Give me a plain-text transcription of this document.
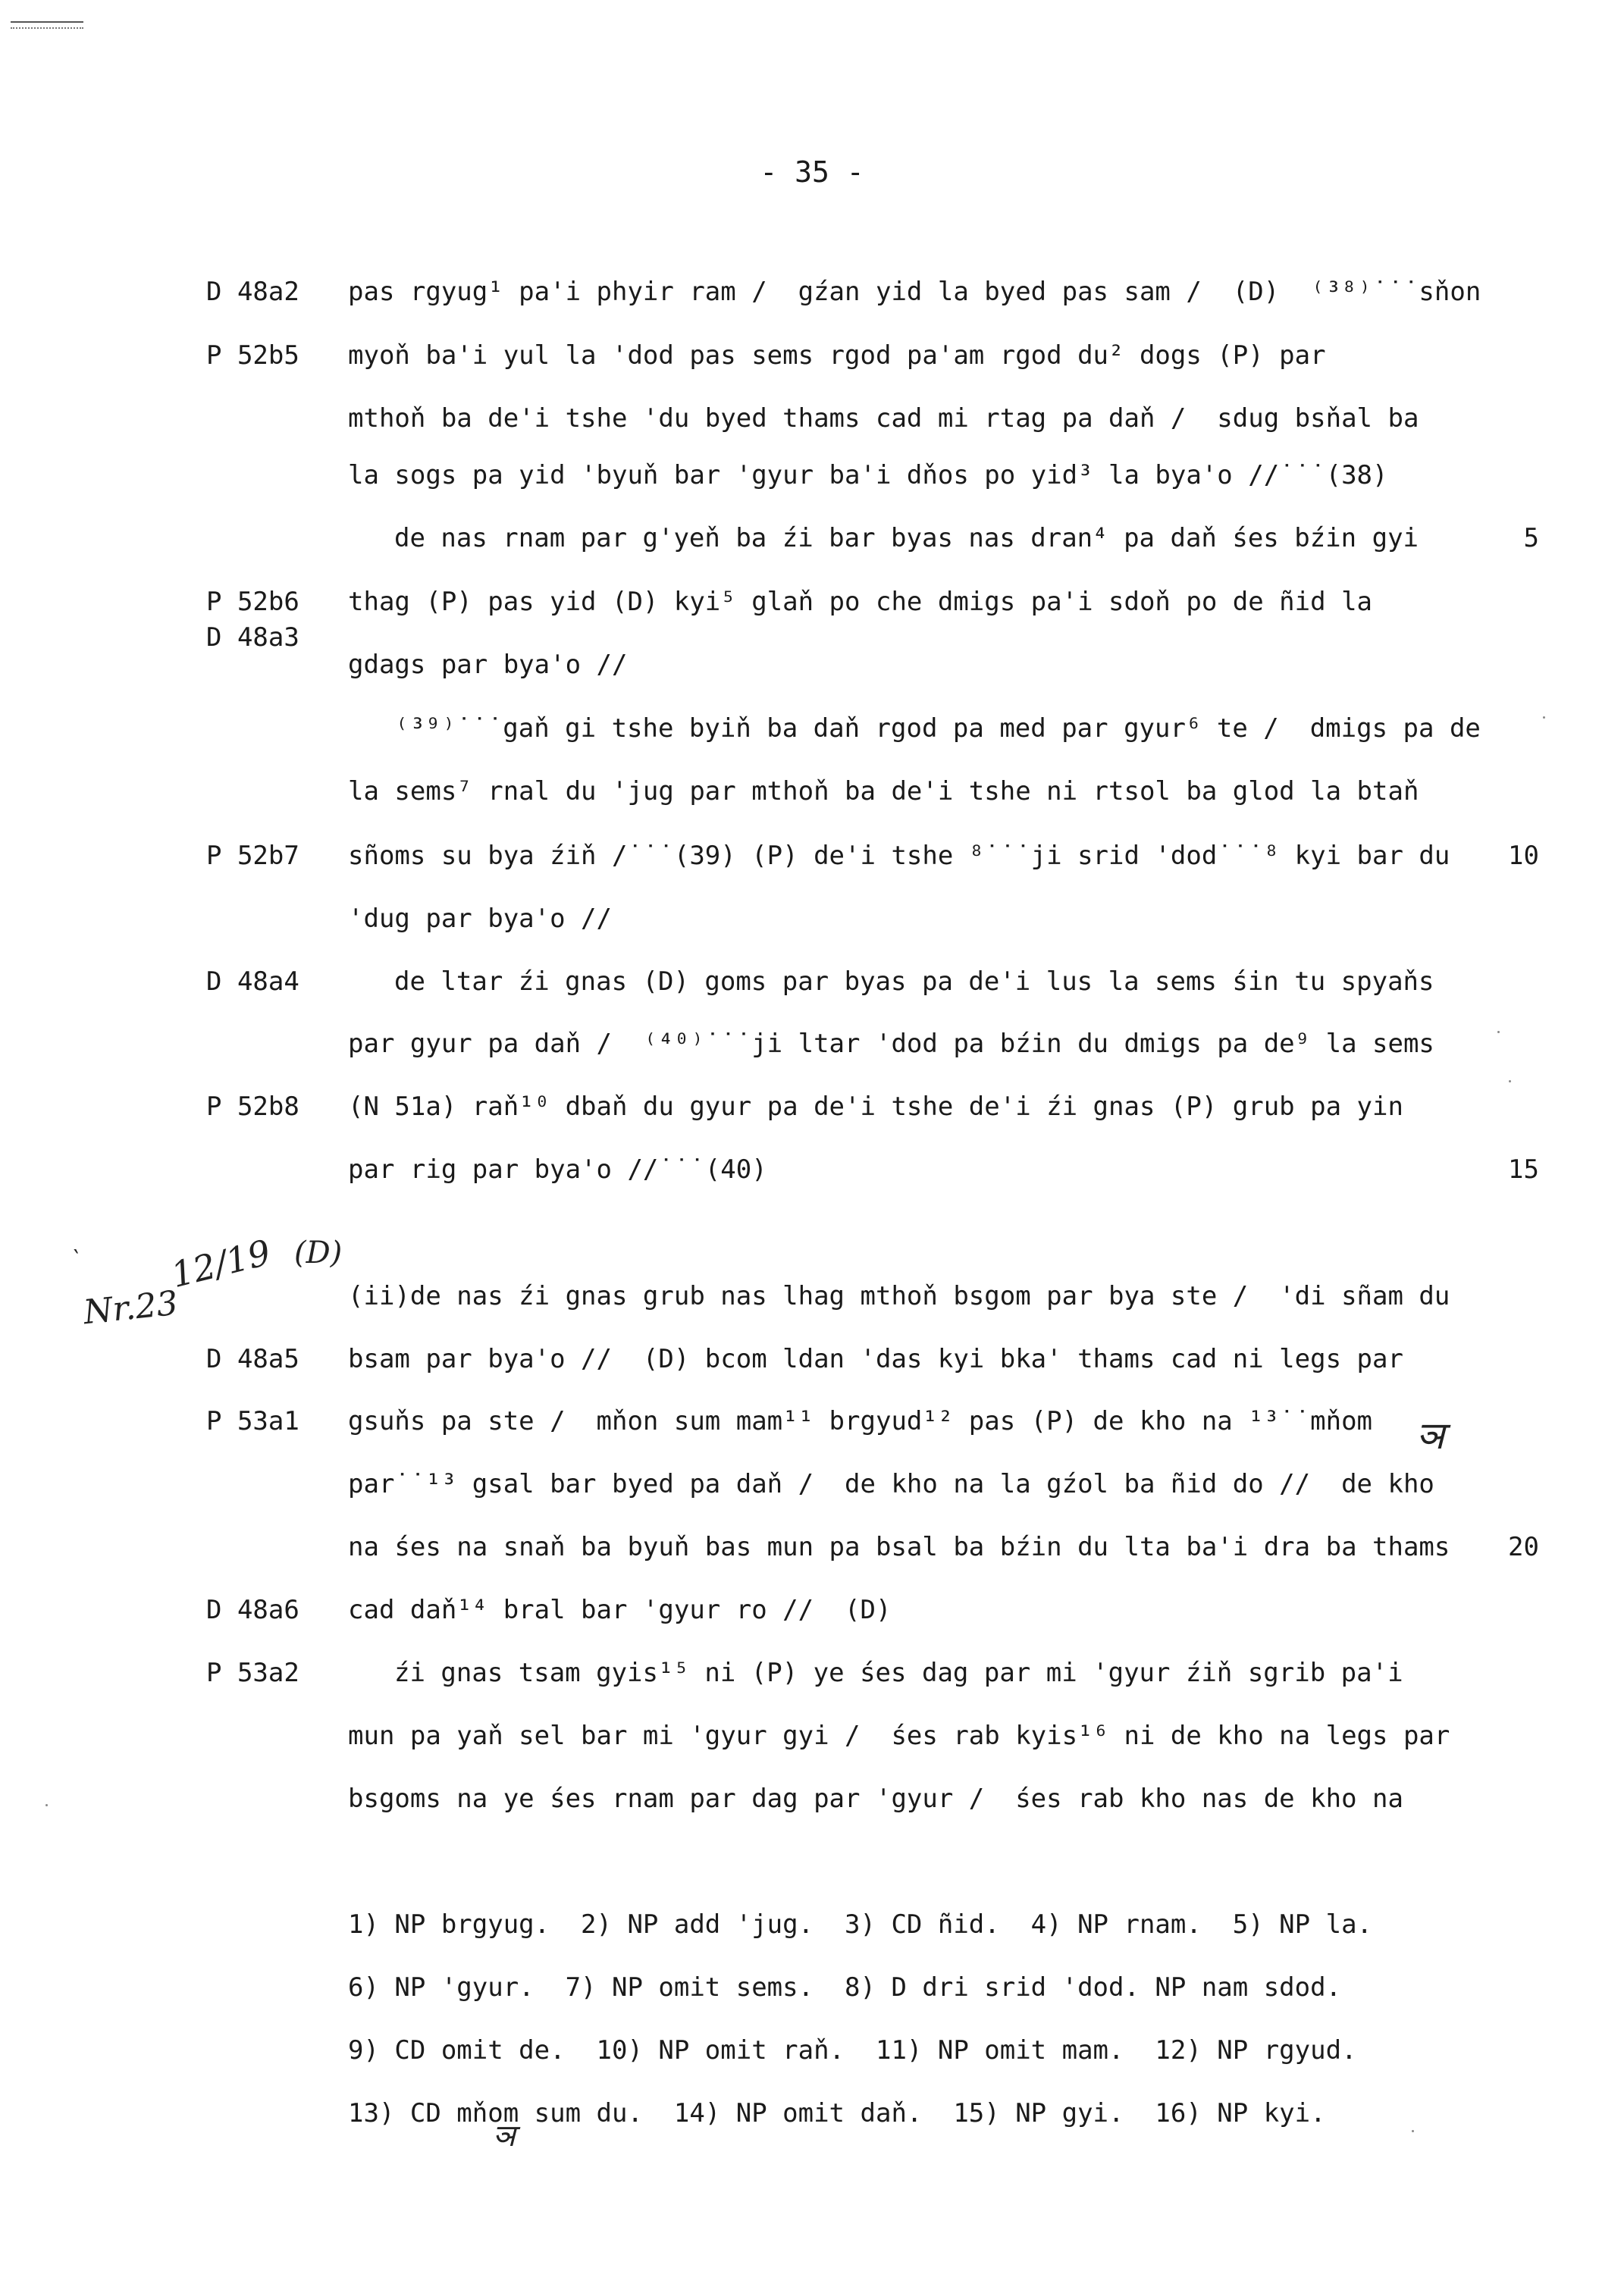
- 35 -
D 48a2
P 52b5
P 52b6
D 48a3
P 52b7
D 48a4
P 52b8
D 48a5
P 53a1
D 48a6
P 53a2
pas rgyug¹ pa'i phyir ram /  gźan yid la byed pas sam /  (D)  ⁽³⁸⁾˙˙˙sňon
myoň ba'i yul la 'dod pas sems rgod pa'am rgod du² dogs (P) par
mthoň ba de'i tshe 'du byed thams cad mi rtag pa daň /  sdug bsňal ba
la sogs pa yid 'byuň bar 'gyur ba'i dňos po yid³ la bya'o //˙˙˙(38)
de nas rnam par g'yeň ba źi bar byas nas dran⁴ pa daň śes bźin gyi
thag (P) pas yid (D) kyi⁵ glaň po che dmigs pa'i sdoň po de ñid la
gdags par bya'o //
⁽³⁹⁾˙˙˙gaň gi tshe byiň ba daň rgod pa med par gyur⁶ te /  dmigs pa de
la sems⁷ rnal du 'jug par mthoň ba de'i tshe ni rtsol ba glod la btaň
sñoms su bya źiň /˙˙˙(39) (P) de'i tshe ⁸˙˙˙ji srid 'dod˙˙˙⁸ kyi bar du
'dug par bya'o //
de ltar źi gnas (D) goms par byas pa de'i lus la sems śin tu spyaňs
par gyur pa daň /  ⁽⁴⁰⁾˙˙˙ji ltar 'dod pa bźin du dmigs pa de⁹ la sems
(N 51a) raň¹⁰ dbaň du gyur pa de'i tshe de'i źi gnas (P) grub pa yin
par rig par bya'o //˙˙˙(40)
(ii)de nas źi gnas grub nas lhag mthoň bsgom par bya ste /  'di sñam du
bsam par bya'o //  (D) bcom ldan 'das kyi bka' thams cad ni legs par
gsuňs pa ste /  mňon sum mam¹¹ brgyud¹² pas (P) de kho na ¹³˙˙mňom
par˙˙¹³ gsal bar byed pa daň /  de kho na la gźol ba ñid do //  de kho
na śes na snaň ba byuň bas mun pa bsal ba bźin du lta ba'i dra ba thams
cad daň¹⁴ bral bar 'gyur ro //  (D)
źi gnas tsam gyis¹⁵ ni (P) ye śes dag par mi 'gyur źiň sgrib pa'i
mun pa yaň sel bar mi 'gyur gyi /  śes rab kyis¹⁶ ni de kho na legs par
bsgoms na ye śes rnam par dag par 'gyur /  śes rab kho nas de kho na
5
10
15
20
1) NP brgyug.  2) NP add 'jug.  3) CD ñid.  4) NP rnam.  5) NP la.
6) NP 'gyur.  7) NP omit sems.  8) D dri srid 'dod. NP nam sdod.
9) CD omit de.  10) NP omit raň.  11) NP omit mam.  12) NP rgyud.
13) CD mňom sum du.  14) NP omit daň.  15) NP gyi.  16) NP kyi.
ˋ 12/19
Nr.23
(D)
ञ
ञ
